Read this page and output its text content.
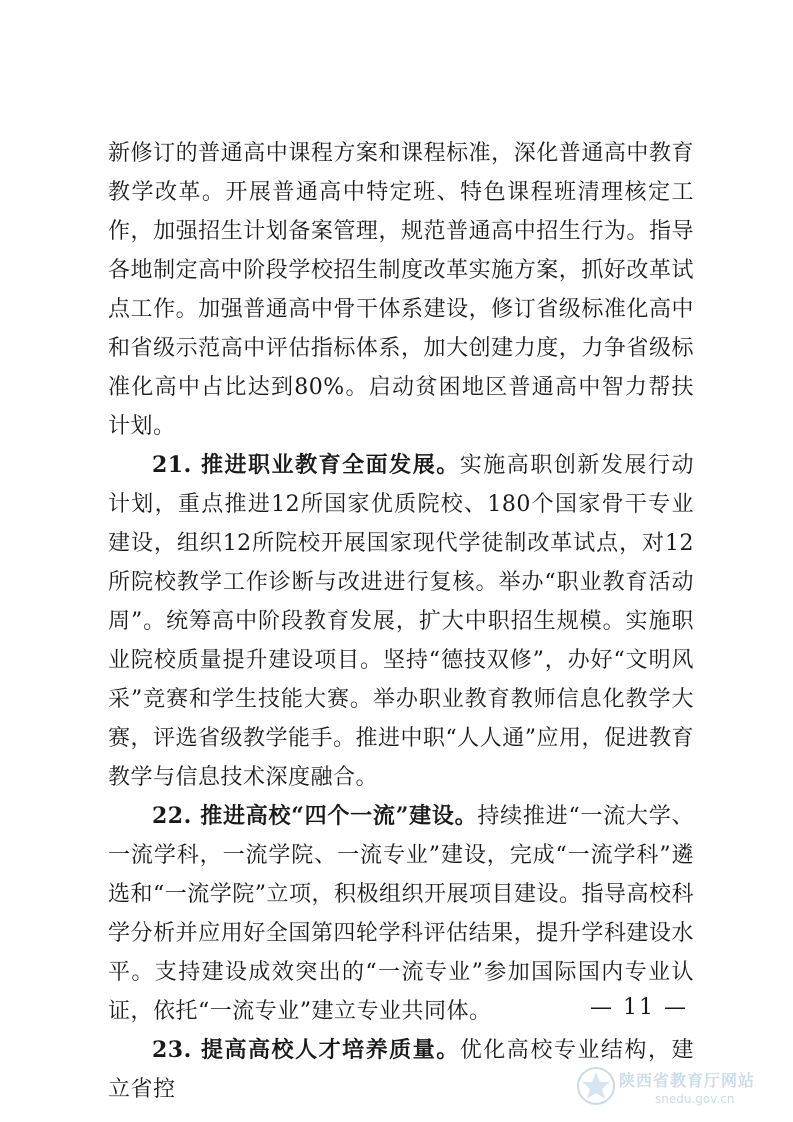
新修订的普通高中课程方案和课程标准，深化普通高中教育教学改革。开展普通高中特定班、特色课程班清理核定工作，加强招生计划备案管理，规范普通高中招生行为。指导各地制定高中阶段学校招生制度改革实施方案，抓好改革试点工作。加强普通高中骨干体系建设，修订省级标准化高中和省级示范高中评估指标体系，加大创建力度，力争省级标准化高中占比达到80%。启动贫困地区普通高中智力帮扶计划。

21. 推进职业教育全面发展。实施高职创新发展行动计划，重点推进12所国家优质院校、180个国家骨干专业建设，组织12所院校开展国家现代学徒制改革试点，对12所院校教学工作诊断与改进进行复核。举办“职业教育活动周”。统筹高中阶段教育发展，扩大中职招生规模。实施职业院校质量提升建设项目。坚持“德技双修”，办好“文明风采”竞赛和学生技能大赛。举办职业教育教师信息化教学大赛，评选省级教学能手。推进中职“人人通”应用，促进教育教学与信息技术深度融合。

22. 推进高校“四个一流”建设。持续推进“一流大学、一流学科，一流学院、一流专业”建设，完成“一流学科”遴选和“一流学院”立项，积极组织开展项目建设。指导高校科学分析并应用好全国第四轮学科评估结果，提升学科建设水平。支持建设成效突出的“一流专业”参加国际国内专业认证，依托“一流专业”建立专业共同体。

23. 提高高校人才培养质量。优化高校专业结构，建立省控

— 11 —
陕西省教育厅网站
snedu.gov.cn
